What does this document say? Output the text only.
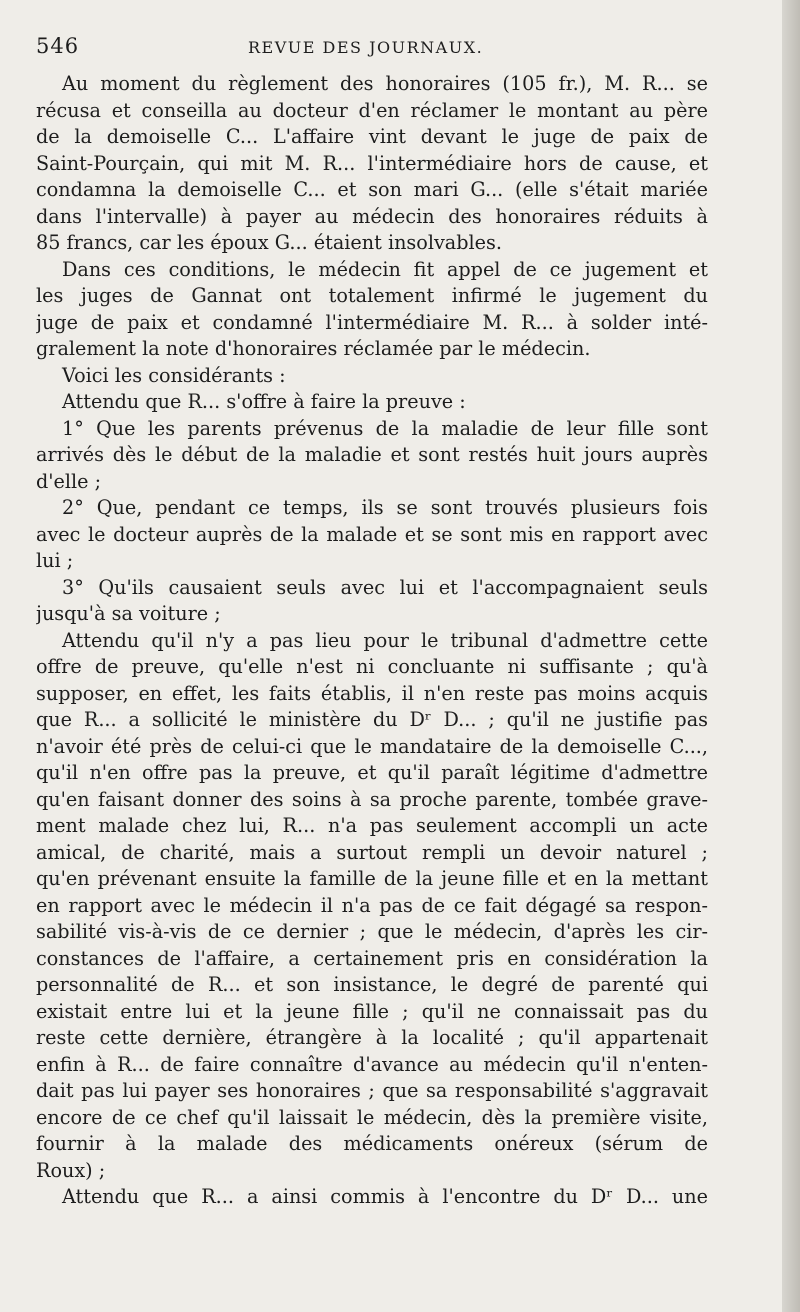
546	REVUE DES JOURNAUX.
Au moment du règlement des honoraires (105 fr.), M. R... se
récusa et conseilla au docteur d'en réclamer le montant au père
de la demoiselle C... L'affaire vint devant le juge de paix de
Saint-Pourçain, qui mit M. R... l'intermédiaire hors de cause, et
condamna la demoiselle C... et son mari G... (elle s'était mariée
dans l'intervalle) à payer au médecin des honoraires réduits à
85 francs, car les époux G... étaient insolvables.
Dans ces conditions, le médecin fit appel de ce jugement et
les juges de Gannat ont totalement infirmé le jugement du
juge de paix et condamné l'intermédiaire M. R... à solder inté-
gralement la note d'honoraires réclamée par le médecin.
Voici les considérants :
Attendu que R... s'offre à faire la preuve :
1° Que les parents prévenus de la maladie de leur fille sont
arrivés dès le début de la maladie et sont restés huit jours auprès
d'elle ;
2° Que, pendant ce temps, ils se sont trouvés plusieurs fois
avec le docteur auprès de la malade et se sont mis en rapport avec
lui ;
3° Qu'ils causaient seuls avec lui et l'accompagnaient seuls
jusqu'à sa voiture ;
Attendu qu'il n'y a pas lieu pour le tribunal d'admettre cette
offre de preuve, qu'elle n'est ni concluante ni suffisante ; qu'à
supposer, en effet, les faits établis, il n'en reste pas moins acquis
que R... a sollicité le ministère du Dʳ D... ; qu'il ne justifie pas
n'avoir été près de celui-ci que le mandataire de la demoiselle C...,
qu'il n'en offre pas la preuve, et qu'il paraît légitime d'admettre
qu'en faisant donner des soins à sa proche parente, tombée grave-
ment malade chez lui, R... n'a pas seulement accompli un acte
amical, de charité, mais a surtout rempli un devoir naturel ;
qu'en prévenant ensuite la famille de la jeune fille et en la mettant
en rapport avec le médecin il n'a pas de ce fait dégagé sa respon-
sabilité vis-à-vis de ce dernier ; que le médecin, d'après les cir-
constances de l'affaire, a certainement pris en considération la
personnalité de R... et son insistance, le degré de parenté qui
existait entre lui et la jeune fille ; qu'il ne connaissait pas du
reste cette dernière, étrangère à la localité ; qu'il appartenait
enfin à R... de faire connaître d'avance au médecin qu'il n'enten-
dait pas lui payer ses honoraires ; que sa responsabilité s'aggravait
encore de ce chef qu'il laissait le médecin, dès la première visite,
fournir à la malade des médicaments onéreux (sérum de
Roux) ;
Attendu que R... a ainsi commis à l'encontre du Dʳ D... une
